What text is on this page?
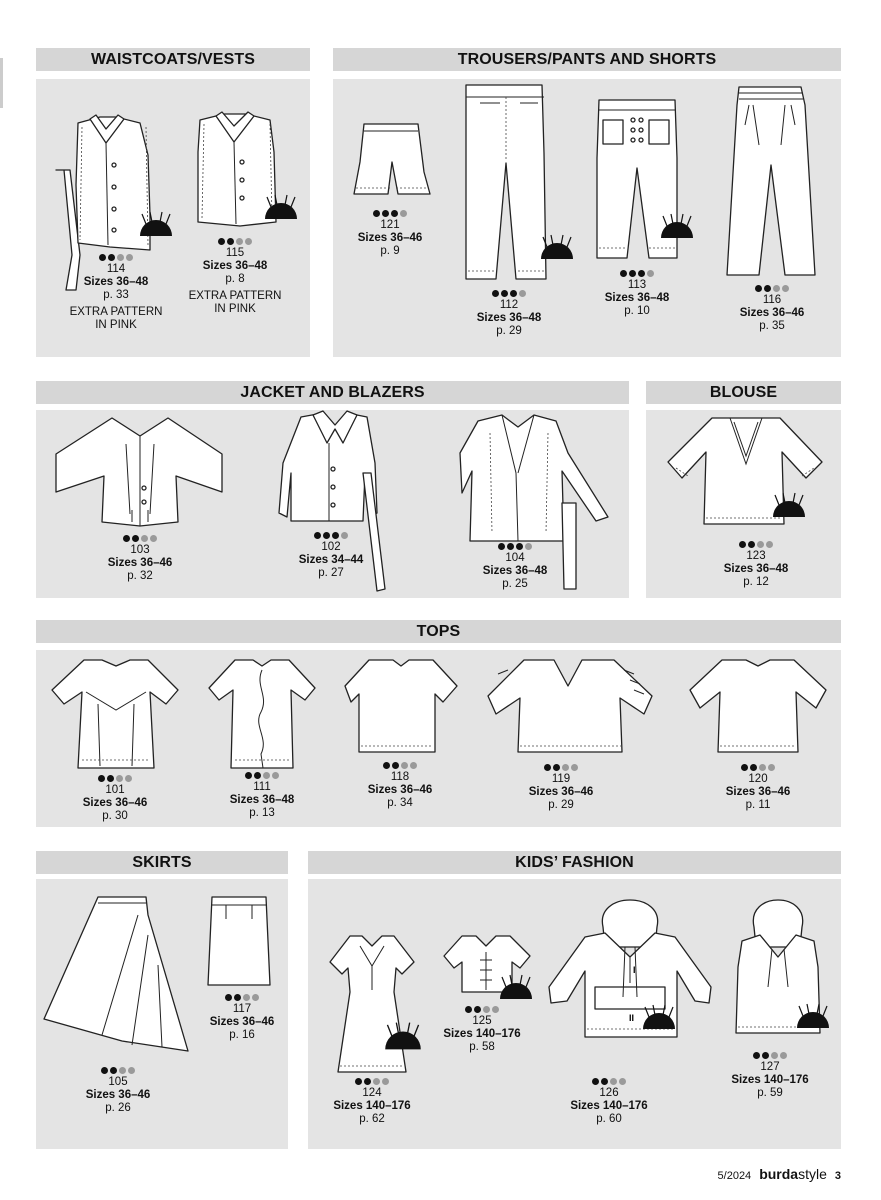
WAISTCOATS/VESTS	TROUSERS/PANTS AND SHORTS
JACKET AND BLAZERS	BLOUSE
TOPS
SKIRTS	KIDS’ FASHION
I
II
114
Sizes 36–48
p. 33
EXTRA PATTERN
IN PINK
115
Sizes 36–48
p. 8
EXTRA PATTERN
IN PINK
121
Sizes 36–46
p. 9
112
Sizes 36–48
p. 29
113
Sizes 36–48
p. 10
116
Sizes 36–46
p. 35
103
Sizes 36–46
p. 32
102
Sizes 34–44
p. 27
104
Sizes 36–48
p. 25
123
Sizes 36–48
p. 12
101
Sizes 36–46
p. 30
111
Sizes 36–48
p. 13
118
Sizes 36–46
p. 34
119
Sizes 36–46
p. 29
120
Sizes 36–46
p. 11
105
Sizes 36–46
p. 26
117
Sizes 36–46
p. 16
124
Sizes 140–176
p. 62
125
Sizes 140–176
p. 58
126
Sizes 140–176
p. 60
127
Sizes 140–176
p. 59
5/2024 burdastyle 3
